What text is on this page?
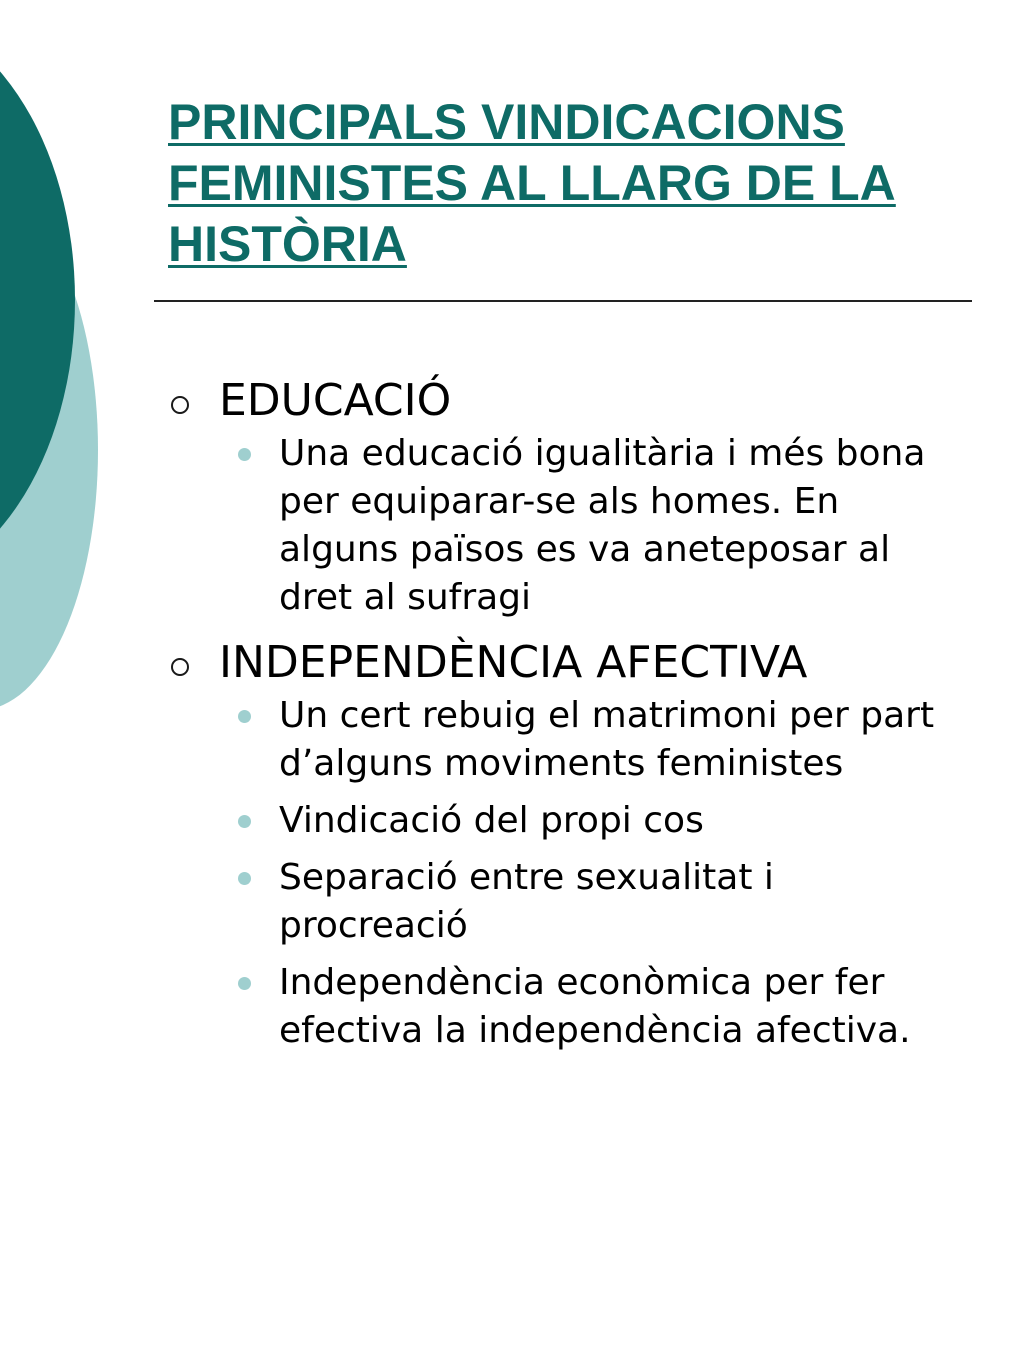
PRINCIPALS VINDICACIONS FEMINISTES AL LLARG DE LA HISTÒRIA
EDUCACIÓ
Una educació igualitària i més bona per equiparar-se als homes. En alguns països es va aneteposar al dret al sufragi
INDEPENDÈNCIA AFECTIVA
Un cert rebuig el matrimoni per part d’alguns moviments feministes
Vindicació del propi cos
Separació entre sexualitat i procreació
Independència econòmica per fer efectiva la independència afectiva.
